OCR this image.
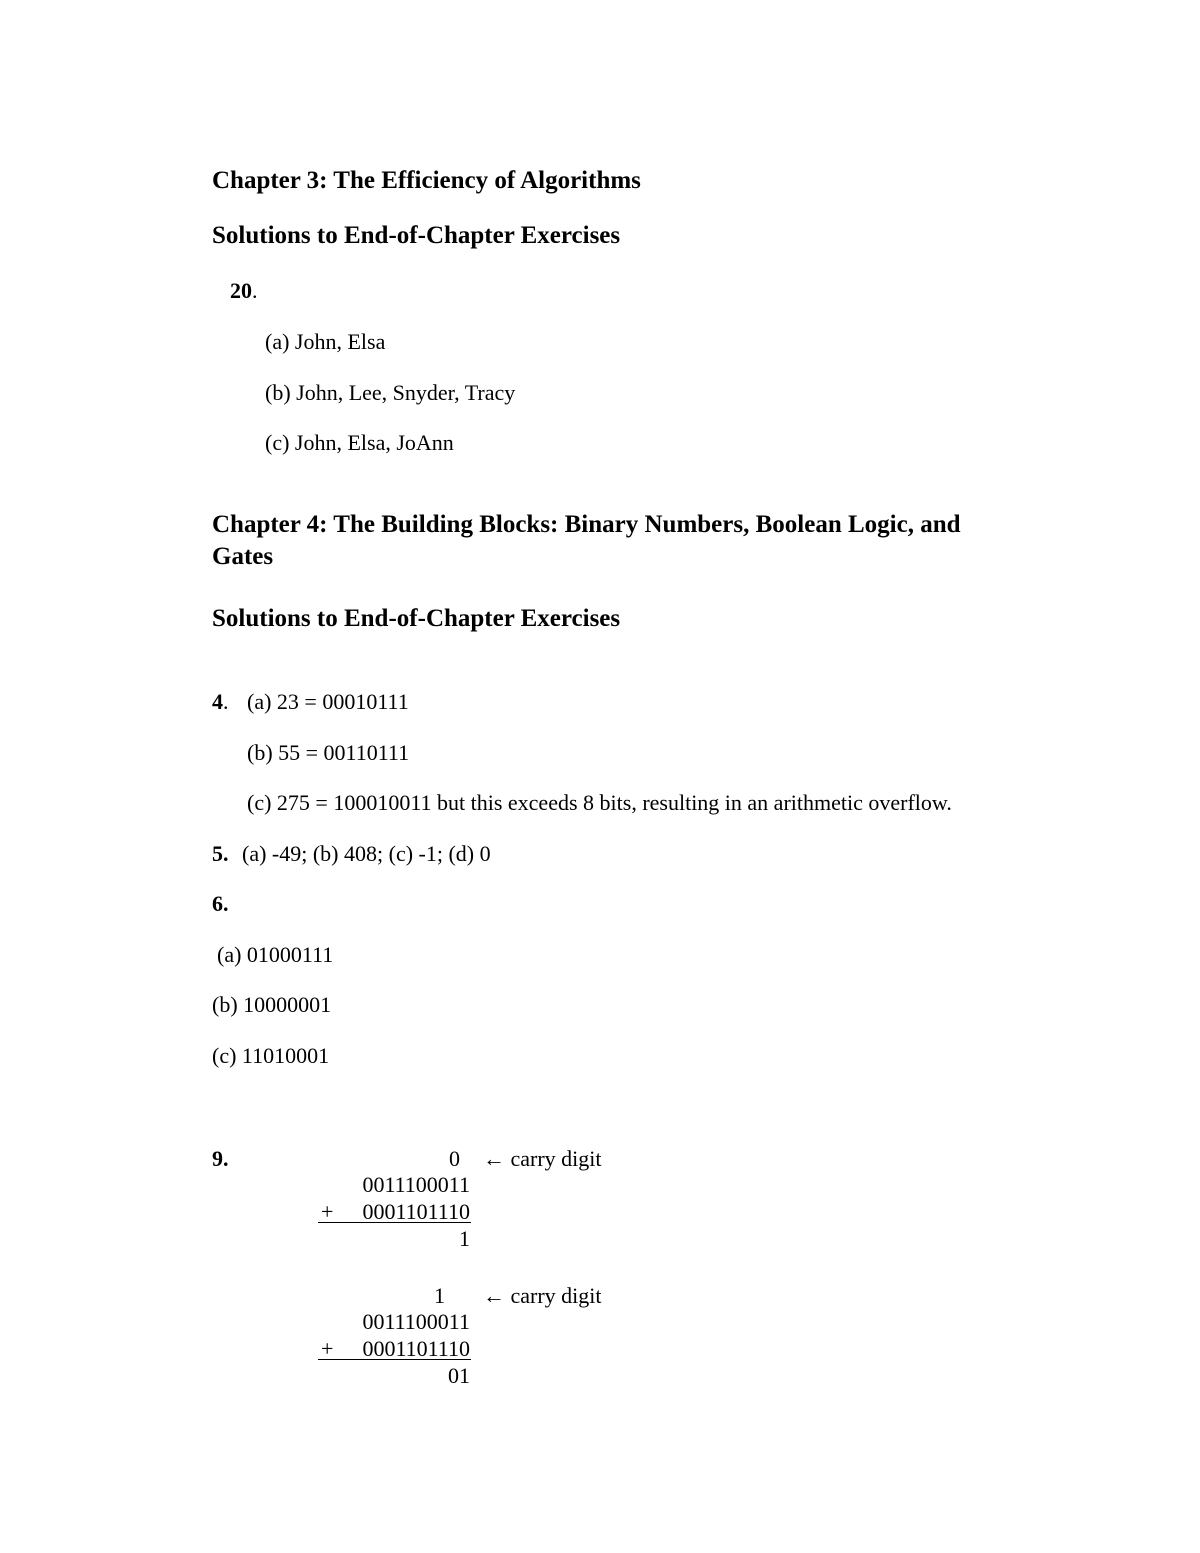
Chapter 3: The Efficiency of Algorithms
Solutions to End-of-Chapter Exercises
20.
(a) John, Elsa
(b) John, Lee, Snyder, Tracy
(c) John, Elsa, JoAnn
Chapter 4: The Building Blocks: Binary Numbers, Boolean Logic, and
Gates
Solutions to End-of-Chapter Exercises
4. (a) 23 = 00010111
(b) 55 = 00110111
(c) 275 = 100010011 but this exceeds 8 bits, resulting in an arithmetic overflow.
5. (a) -49; (b) 408; (c) -1; (d) 0
6.
(a) 01000111
(b) 10000001
(c) 11010001
9.	0 ← carry digit
0011100011
+	0001101110
1
1 ← carry digit
0011100011
+	0001101110
01
